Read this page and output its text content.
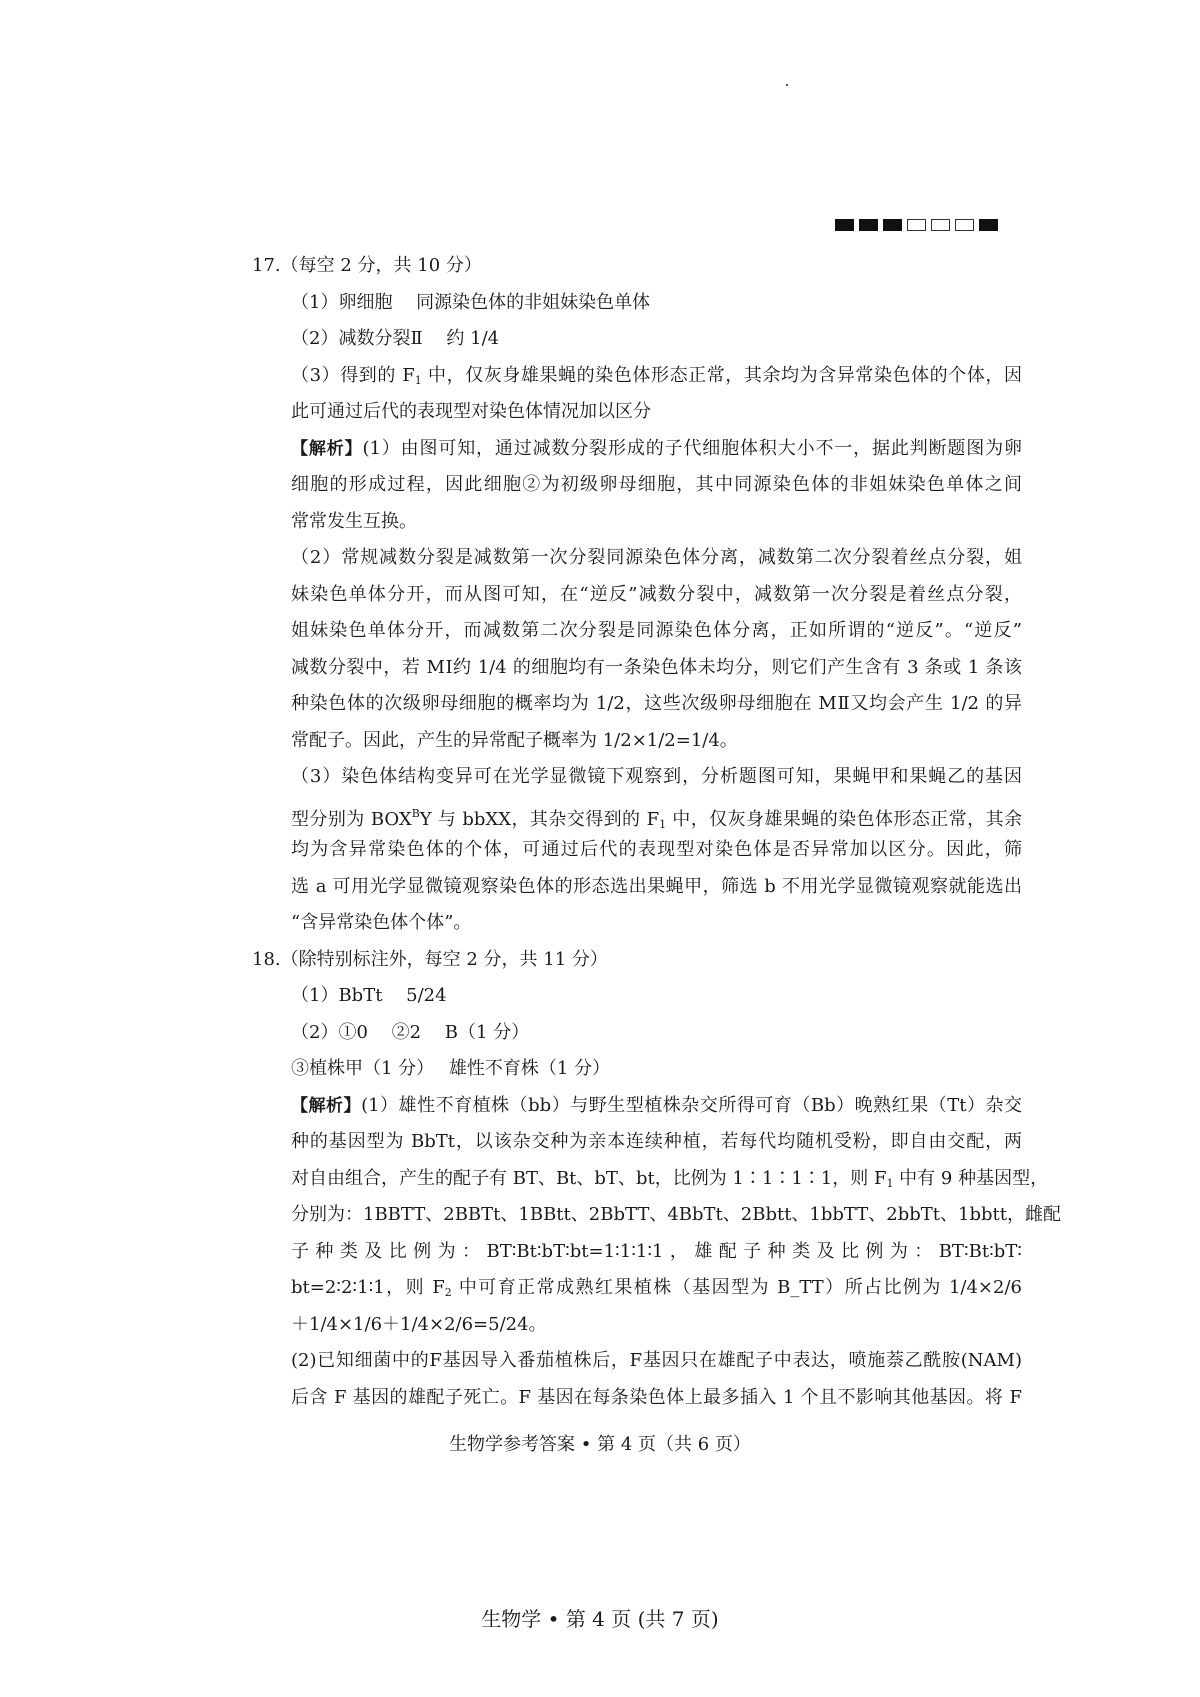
17.（每空 2 分，共 10 分）
（1）卵细胞　 同源染色体的非姐妹染色单体
（2）减数分裂Ⅱ　 约 1/4
（3）得到的 $F_1$ 中，仅灰身雄果蝇的染色体形态正常，其余均为含异常染色体的个体，因
此可通过后代的表现型对染色体情况加以区分
【解析】(1）由图可知，通过减数分裂形成的子代细胞体积大小不一，据此判断题图为卵
细胞的形成过程，因此细胞②为初级卵母细胞，其中同源染色体的非姐妹染色单体之间
常常发生互换。
（2）常规减数分裂是减数第一次分裂同源染色体分离，减数第二次分裂着丝点分裂，姐
妹染色单体分开，而从图可知，在“逆反”减数分裂中，减数第一次分裂是着丝点分裂，
姐妹染色单体分开，而减数第二次分裂是同源染色体分离，正如所谓的“逆反”。“逆反”
减数分裂中，若 MⅠ约 1/4 的细胞均有一条染色体未均分，则它们产生含有 3 条或 1 条该
种染色体的次级卵母细胞的概率均为 1/2，这些次级卵母细胞在 MⅡ又均会产生 1/2 的异
常配子。因此，产生的异常配子概率为 1/2×1/2=1/4。
（3）染色体结构变异可在光学显微镜下观察到，分析题图可知，果蝇甲和果蝇乙的基因
型分别为 $BOX^BY$ 与 bbXX，其杂交得到的 $F_1$ 中，仅灰身雄果蝇的染色体形态正常，其余
均为含异常染色体的个体，可通过后代的表现型对染色体是否异常加以区分。因此，筛
选 a 可用光学显微镜观察染色体的形态选出果蝇甲，筛选 b 不用光学显微镜观察就能选出
“含异常染色体个体”。
18.（除特别标注外，每空 2 分，共 11 分）
（1）BbTt　 5/24
（2）①0　 ②2　 B（1 分）
③植株甲（1 分）　 雄性不育株（1 分）
【解析】(1）雄性不育植株（bb）与野生型植株杂交所得可育（Bb）晚熟红果（Tt）杂交
种的基因型为 BbTt，以该杂交种为亲本连续种植，若每代均随机受粉，即自由交配，两
对自由组合，产生的配子有 BT、Bt、bT、bt，比例为 1∶1∶1∶1，则 $F_1$ 中有 9 种基因型，
分别为：1BBTT、2BBTt、1BBtt、2BbTT、4BbTt、2Bbtt、1bbTT、2bbTt、1bbtt，雌配
子种类及比例为：BT∶Bt∶bT∶bt=1∶1∶1∶1，雄配子种类及比例为：BT∶Bt∶bT∶
bt=2∶2∶1∶1，则 $F_2$ 中可育正常成熟红果植株（基因型为 B_TT）所占比例为 1/4×2/6
＋1/4×1/6＋1/4×2/6=5/24。
(2)已知细菌中的F基因导入番茄植株后，F基因只在雄配子中表达，喷施萘乙酰胺(NAM)
后含 F 基因的雄配子死亡。F 基因在每条染色体上最多插入 1 个且不影响其他基因。将 F
生物学参考答案 • 第 4 页（共 6 页）
生物学 • 第 4 页 (共 7 页)
